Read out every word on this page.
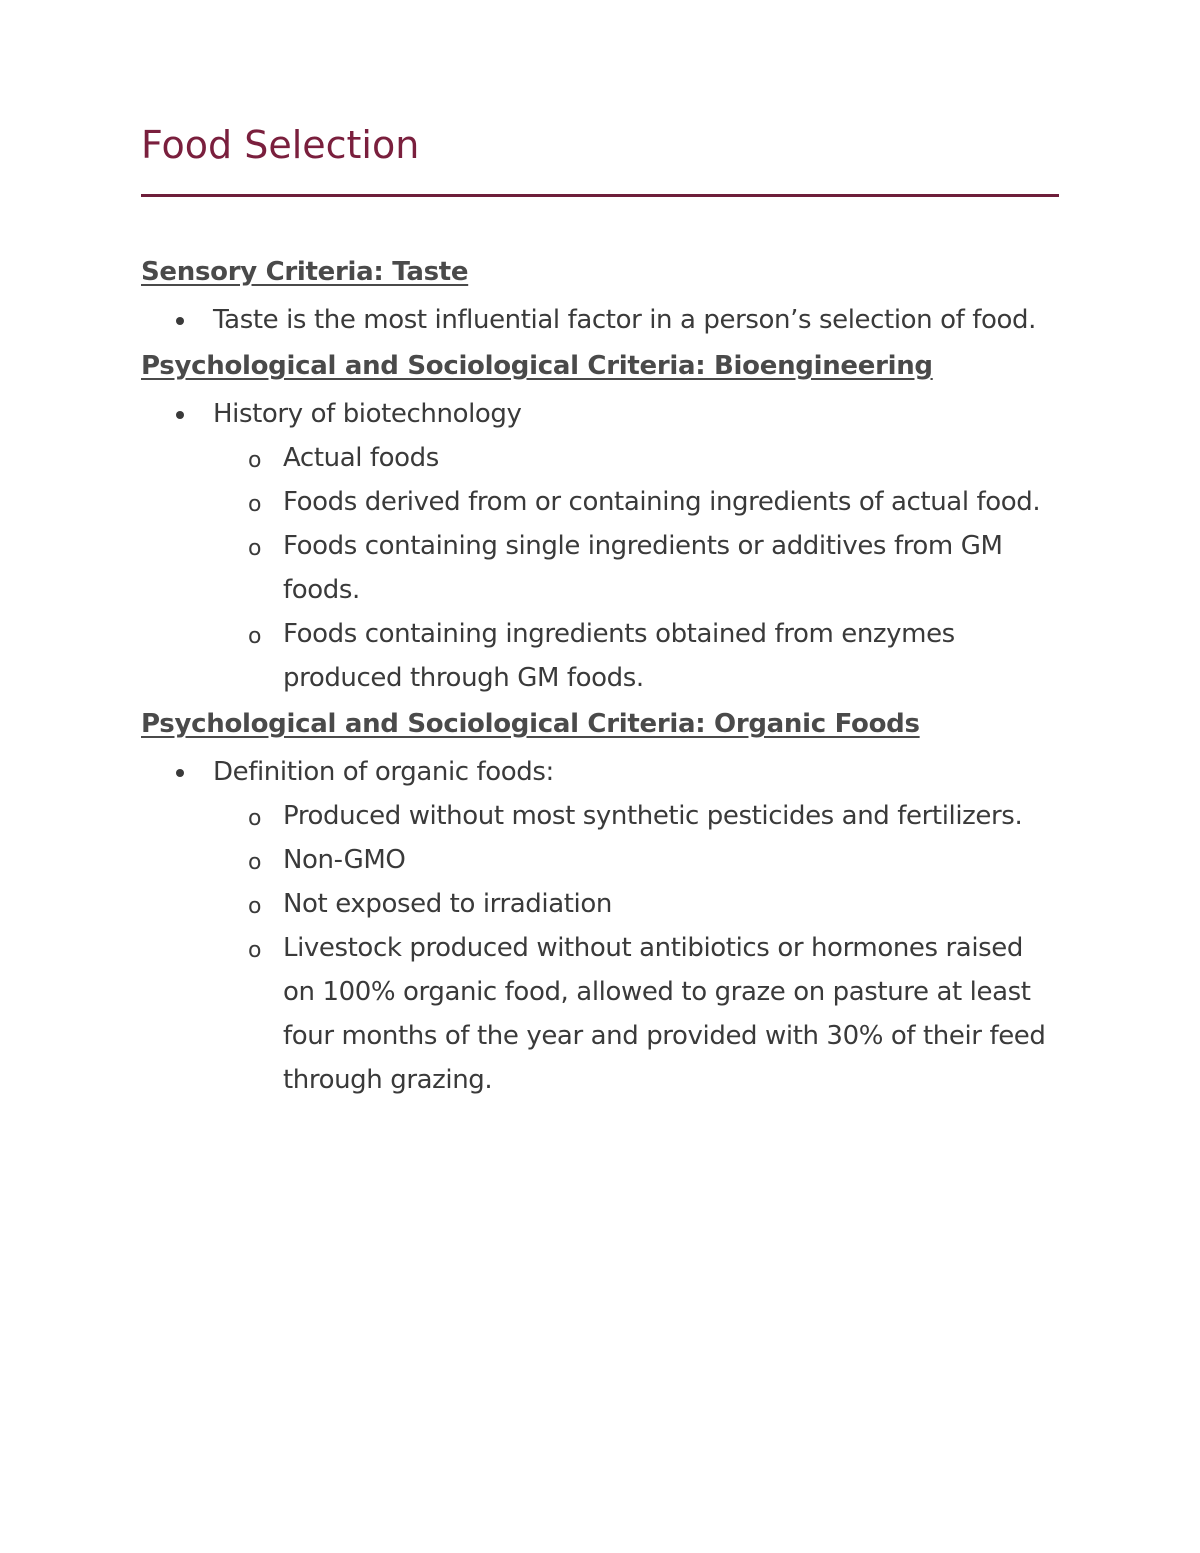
Food Selection
Sensory Criteria: Taste
Taste is the most influential factor in a person’s selection of food.
Psychological and Sociological Criteria: Bioengineering
History of biotechnology
o Actual foods
o Foods derived from or containing ingredients of actual food.
o Foods containing single ingredients or additives from GM foods.
o Foods containing ingredients obtained from enzymes produced through GM foods.
Psychological and Sociological Criteria: Organic Foods
Definition of organic foods:
o Produced without most synthetic pesticides and fertilizers.
o Non-GMO
o Not exposed to irradiation
o Livestock produced without antibiotics or hormones raised on 100% organic food, allowed to graze on pasture at least four months of the year and provided with 30% of their feed through grazing.
